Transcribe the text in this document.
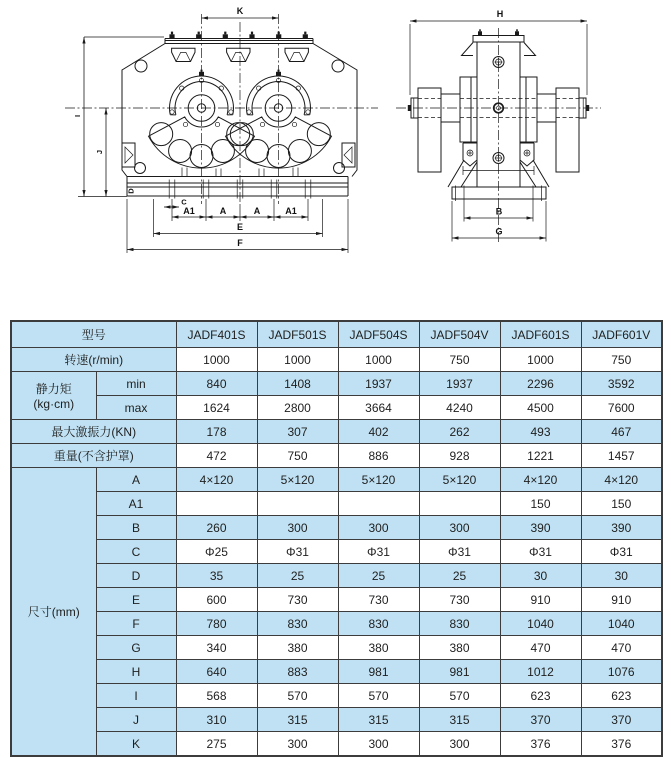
K
I
J
A1	A	A	A1
C
D
E
F
H
B
G
型号		JADF401S	JADF501S	JADF504S	JADF504V	JADF601S	JADF601V
转速(r/min)		1000	1000	1000	750	1000	750

静力矩
(kg·cm)	min	840	1408	1937	1937	2296	3592
	max	1624	2800	3664	4240	4500	7600
最大激振力(KN)		178	307	402	262	493	467
重量(不含护罩)		472	750	886	928	1221	1457
尺寸(mm)	A	4×120	5×120	5×120	5×120	4×120	4×120
	A1					150	150
	B	260	300	300	300	390	390
	C	Φ25	Φ31	Φ31	Φ31	Φ31	Φ31
	D	35	25	25	25	30	30
	E	600	730	730	730	910	910
	F	780	830	830	830	1040	1040
	G	340	380	380	380	470	470
	H	640	883	981	981	1012	1076
	I	568	570	570	570	623	623
	J	310	315	315	315	370	370
	K	275	300	300	300	376	376
